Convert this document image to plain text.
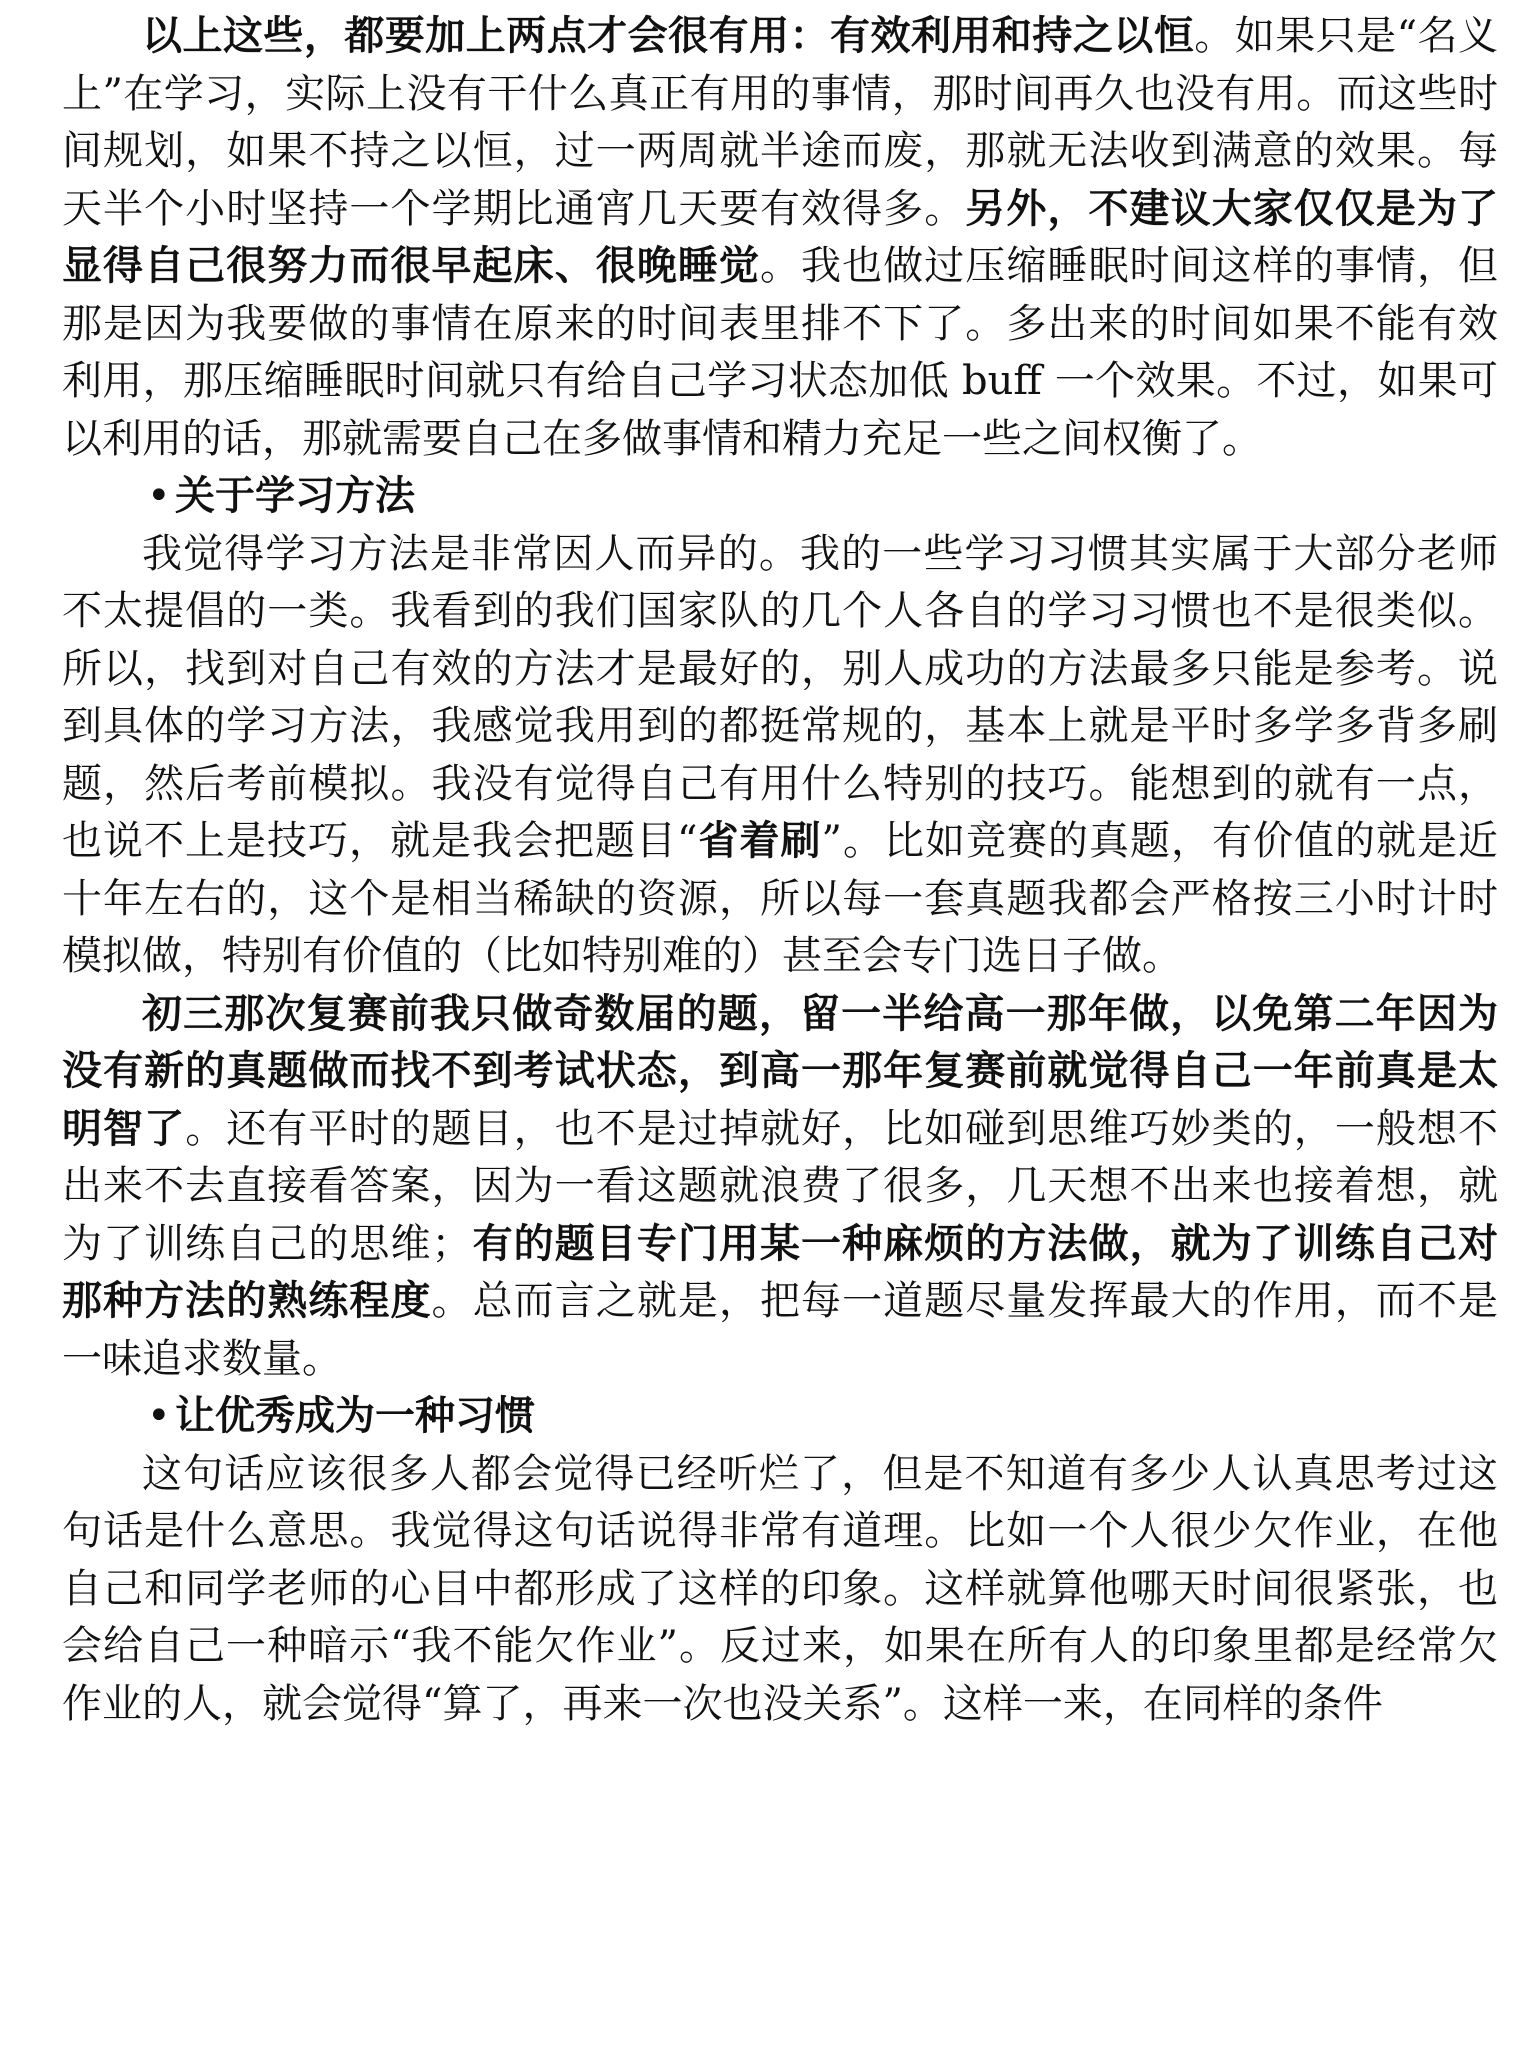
以上这些，都要加上两点才会很有用：有效利用和持之以恒。如果只是“名义上”在学习，实际上没有干什么真正有用的事情，那时间再久也没有用。而这些时间规划，如果不持之以恒，过一两周就半途而废，那就无法收到满意的效果。每天半个小时坚持一个学期比通宵几天要有效得多。另外，不建议大家仅仅是为了显得自己很努力而很早起床、很晚睡觉。我也做过压缩睡眠时间这样的事情，但那是因为我要做的事情在原来的时间表里排不下了。多出来的时间如果不能有效利用，那压缩睡眠时间就只有给自己学习状态加低 buff 一个效果。不过，如果可以利用的话，那就需要自己在多做事情和精力充足一些之间权衡了。

• 关于学习方法

我觉得学习方法是非常因人而异的。我的一些学习习惯其实属于大部分老师不太提倡的一类。我看到的我们国家队的几个人各自的学习习惯也不是很类似。所以，找到对自己有效的方法才是最好的，别人成功的方法最多只能是参考。说到具体的学习方法，我感觉我用到的都挺常规的，基本上就是平时多学多背多刷题，然后考前模拟。我没有觉得自己有用什么特别的技巧。能想到的就有一点，也说不上是技巧，就是我会把题目“省着刷”。比如竞赛的真题，有价值的就是近十年左右的，这个是相当稀缺的资源，所以每一套真题我都会严格按三小时计时模拟做，特别有价值的（比如特别难的）甚至会专门选日子做。

初三那次复赛前我只做奇数届的题，留一半给高一那年做，以免第二年因为没有新的真题做而找不到考试状态，到高一那年复赛前就觉得自己一年前真是太明智了。还有平时的题目，也不是过掉就好，比如碰到思维巧妙类的，一般想不出来不去直接看答案，因为一看这题就浪费了很多，几天想不出来也接着想，就为了训练自己的思维；有的题目专门用某一种麻烦的方法做，就为了训练自己对那种方法的熟练程度。总而言之就是，把每一道题尽量发挥最大的作用，而不是一味追求数量。

• 让优秀成为一种习惯

这句话应该很多人都会觉得已经听烂了，但是不知道有多少人认真思考过这句话是什么意思。我觉得这句话说得非常有道理。比如一个人很少欠作业，在他自己和同学老师的心目中都形成了这样的印象。这样就算他哪天时间很紧张，也会给自己一种暗示“我不能欠作业”。反过来，如果在所有人的印象里都是经常欠作业的人，就会觉得“算了，再来一次也没关系”。这样一来，在同样的条件
